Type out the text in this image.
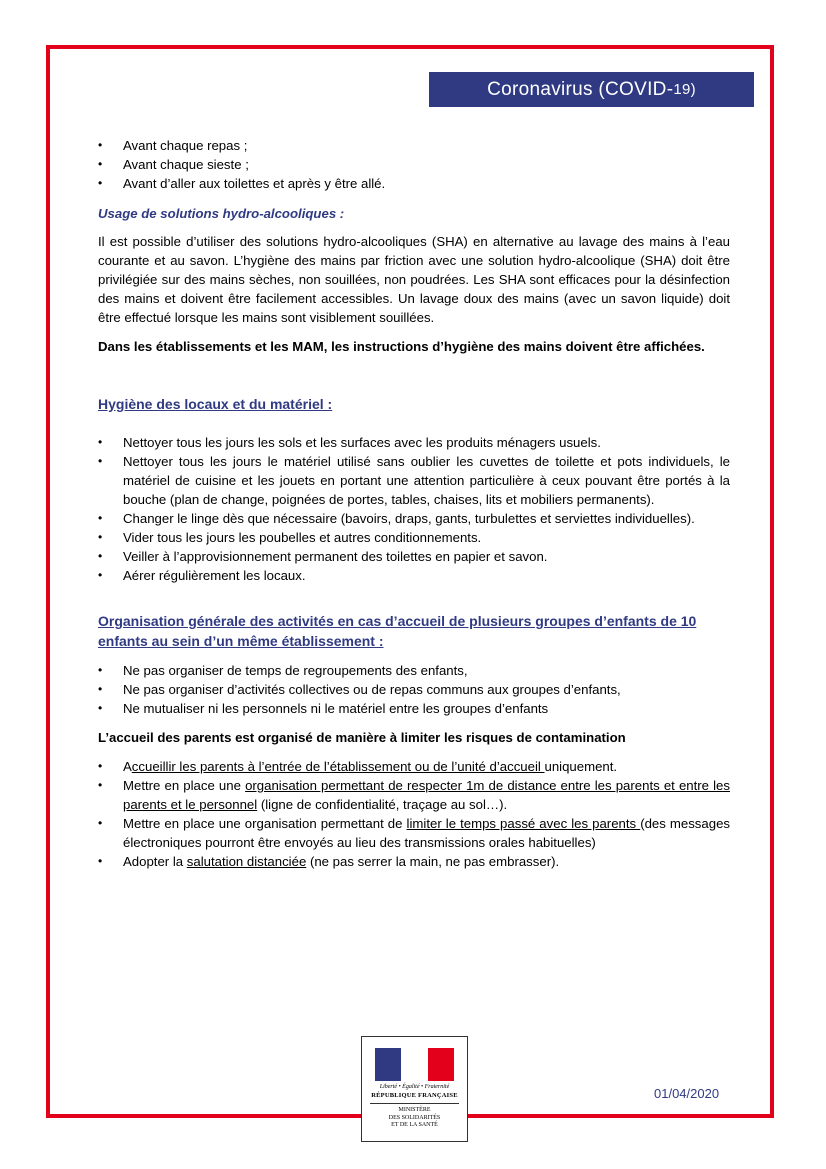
Coronavirus (COVID- 19)
• Avant chaque repas ;
• Avant chaque sieste ;
• Avant d’aller aux toilettes et après y être allé.

Usage de solutions hydro-alcooliques :

Il est possible d’utiliser des solutions hydro-alcooliques (SHA) en alternative au lavage des mains à l’eau courante et au savon. L’hygiène des mains par friction avec une solution hydro-alcoolique (SHA) doit être privilégiée sur des mains sèches, non souillées, non poudrées. Les SHA sont efficaces pour la désinfection des mains et doivent être facilement accessibles. Un lavage doux des mains (avec un savon liquide) doit être effectué lorsque les mains sont visiblement souillées.

Dans les établissements et les MAM, les instructions d’hygiène des mains doivent être affichées.

Hygiène des locaux et du matériel :

• Nettoyer tous les jours les sols et les surfaces avec les produits ménagers usuels.
• Nettoyer tous les jours le matériel utilisé sans oublier les cuvettes de toilette et pots individuels, le matériel de cuisine et les jouets en portant une attention particulière à ceux pouvant être portés à la bouche (plan de change, poignées de portes, tables, chaises, lits et mobiliers permanents).
• Changer le linge dès que nécessaire (bavoirs, draps, gants, turbulettes et serviettes individuelles).
• Vider tous les jours les poubelles et autres conditionnements.
• Veiller à l’approvisionnement permanent des toilettes en papier et savon.
• Aérer régulièrement les locaux.

Organisation générale des activités en cas d’accueil de plusieurs groupes d’enfants de 10 enfants au sein d’un même établissement :

• Ne pas organiser de temps de regroupements des enfants,
• Ne pas organiser d’activités collectives ou de repas communs aux groupes d’enfants,
• Ne mutualiser ni les personnels ni le matériel entre les groupes d’enfants

L’accueil des parents est organisé de manière à limiter les risques de contamination

• Accueillir les parents à l’entrée de l’établissement ou de l’unité d’accueil uniquement.
• Mettre en place une organisation permettant de respecter 1m de distance entre les parents et entre les parents et le personnel (ligne de confidentialité, traçage au sol…).
• Mettre en place une organisation permettant de limiter le temps passé avec les parents (des messages électroniques pourront être envoyés au lieu des transmissions orales habituelles)
• Adopter la salutation distanciée (ne pas serrer la main, ne pas embrasser).
Liberté • Égalité • Fraternité
RÉPUBLIQUE FRANÇAISE
MINISTÈRE
DES SOLIDARITÉS
ET DE LA SANTÉ
01/04/2020
